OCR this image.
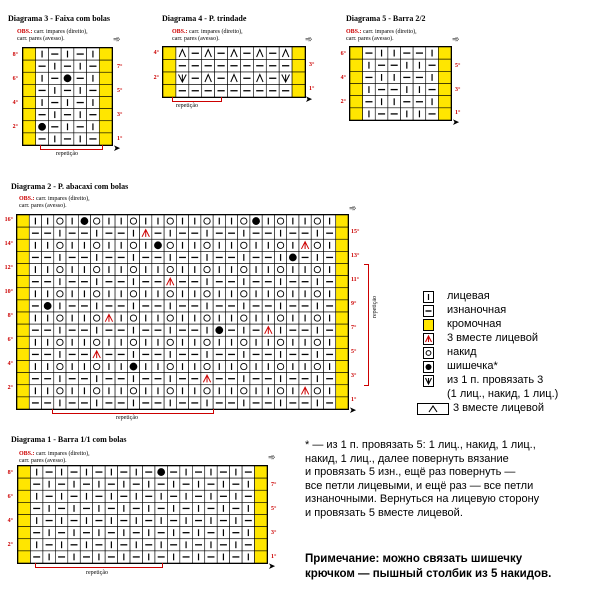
Diagrama 3 - Faixa com bolas
OBS.: carr. impares (direito),
carr. pares (avesso).
8°
6°
4°
2°
7°
5°
3°
1°
➾
➤
repetição
Diagrama 4 - P. trindade
OBS.: carr. impares (direito),
carr. pares (avesso).
4°
2°
3°
1°
➾
➤
repetição
Diagrama 5 - Barra 2/2
OBS.: carr. impares (direito),
carr. pares (avesso).
6°
4°
2°
5°
3°
1°
➾
➤
Diagrama 2 - P. abacaxi com bolas
OBS.: carr. impares (direito),
carr. pares (avesso).
16°
14°
12°
10°
8°
6°
4°
2°
15°
13°
11°
9°
7°
5°
3°
1°
➾
➤
repetição
repetição
Diagrama 1 - Barra 1/1 com bolas
OBS.: carr. impares (direito),
carr. pares (avesso).
8°
6°
4°
2°
7°
5°
3°
1°
➾
➤
repetição
лицевая
изнаночная
кромочная
3 вместе лицевой
накид
шишечка*
из 1 п. провязать 3
(1 лиц., накид, 1 лиц.)
3 вместе лицевой
* — из 1 п. провязать 5: 1 лиц., накид, 1 лиц.,
накид, 1 лиц., далее повернуть вязание
и провязать 5 изн., ещё раз повернуть —
все петли лицевыми, и ещё раз — все петли
изнаночными. Вернуться на лицевую сторону
и провязать 5 вместе лицевой.
Примечание: можно связать шишечку
крючком — пышный столбик из 5 накидов.
